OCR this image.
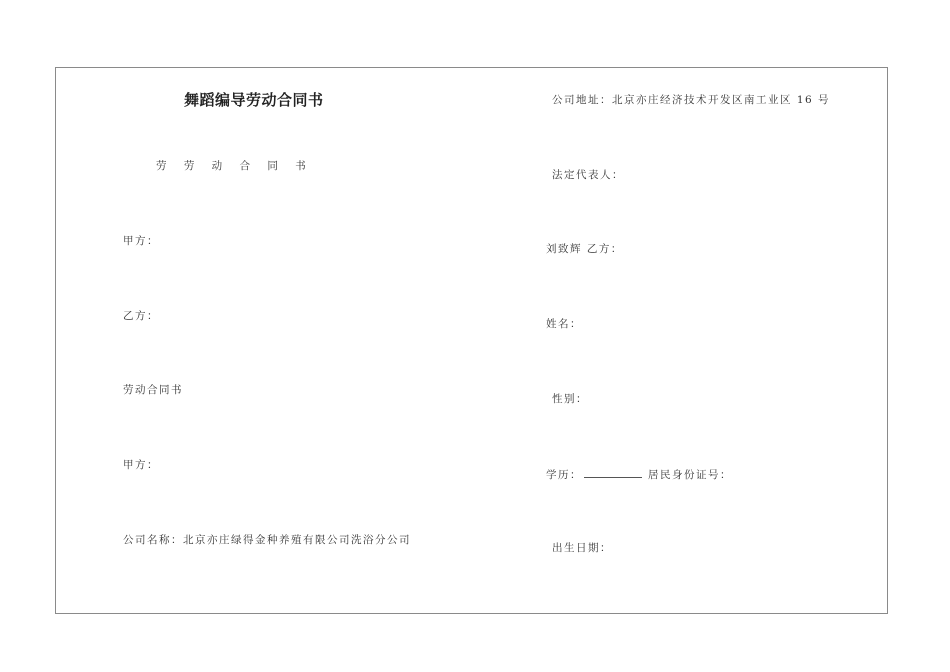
舞蹈编导劳动合同书
劳 劳 动 合 同 书
甲方：
乙方：
劳动合同书
甲方：
公司名称：北京亦庄绿得金种养殖有限公司洗浴分公司
公司地址：北京亦庄经济技术开发区南工业区 16 号
法定代表人：
刘致辉 乙方：
姓名：
性别：
学历：	居民身份证号：
出生日期：
